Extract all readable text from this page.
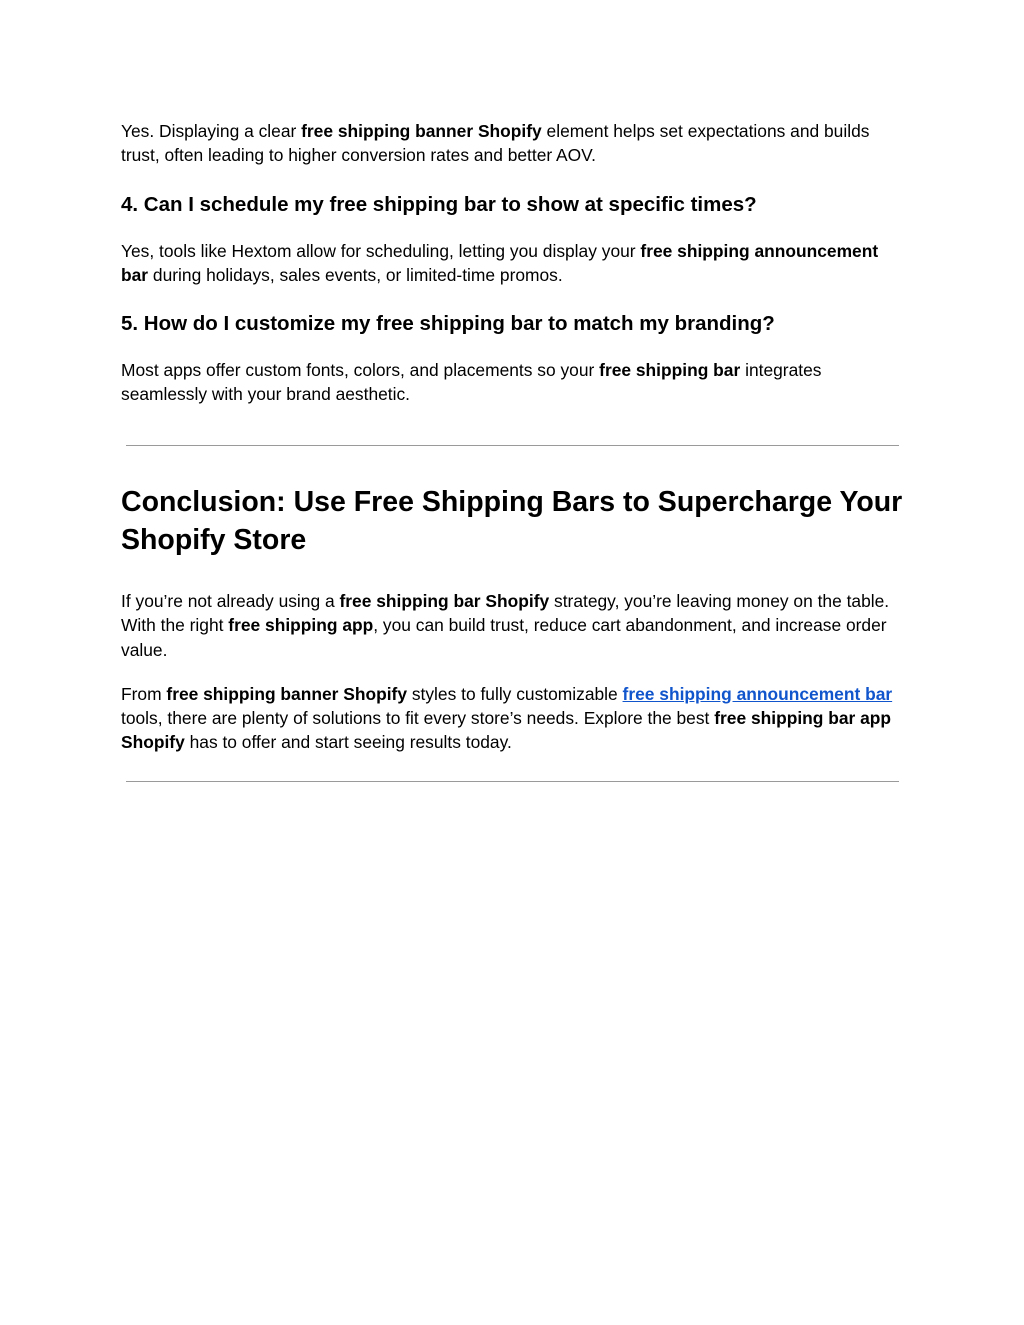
Yes. Displaying a clear free shipping banner Shopify element helps set expectations and builds trust, often leading to higher conversion rates and better AOV.

4. Can I schedule my free shipping bar to show at specific times?

Yes, tools like Hextom allow for scheduling, letting you display your free shipping announcement bar during holidays, sales events, or limited-time promos.

5. How do I customize my free shipping bar to match my branding?

Most apps offer custom fonts, colors, and placements so your free shipping bar integrates seamlessly with your brand aesthetic.

Conclusion: Use Free Shipping Bars to Supercharge Your Shopify Store

If you’re not already using a free shipping bar Shopify strategy, you’re leaving money on the table. With the right free shipping app, you can build trust, reduce cart abandonment, and increase order value.

From free shipping banner Shopify styles to fully customizable free shipping announcement bar tools, there are plenty of solutions to fit every store’s needs. Explore the best free shipping bar app Shopify has to offer and start seeing results today.
